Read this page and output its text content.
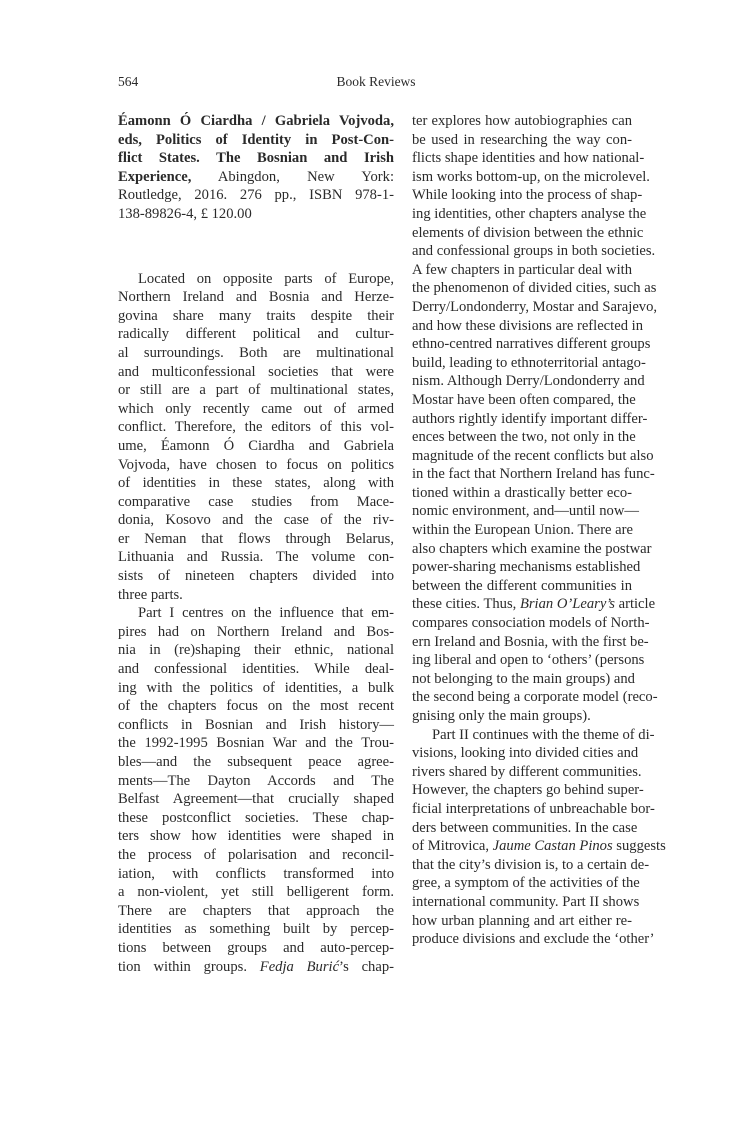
564	Book Reviews
Éamonn Ó Ciardha / Gabriela Vojvoda,
eds, Politics of Identity in Post-Con-
flict States. The Bosnian and Irish
Experience, Abingdon, New York:
Routledge, 2016. 276 pp., ISBN 978-1-
138-89826-4, £ 120.00
Located on opposite parts of Europe,
Northern Ireland and Bosnia and Herze-
govina share many traits despite their
radically different political and cultur-
al surroundings. Both are multinational
and multiconfessional societies that were
or still are a part of multinational states,
which only recently came out of armed
conflict. Therefore, the editors of this vol-
ume, Éamonn Ó Ciardha and Gabriela
Vojvoda, have chosen to focus on politics
of identities in these states, along with
comparative case studies from Mace-
donia, Kosovo and the case of the riv-
er Neman that flows through Belarus,
Lithuania and Russia. The volume con-
sists of nineteen chapters divided into
three parts.
Part I centres on the influence that em-
pires had on Northern Ireland and Bos-
nia in (re)shaping their ethnic, national
and confessional identities. While deal-
ing with the politics of identities, a bulk
of the chapters focus on the most recent
conflicts in Bosnian and Irish history—
the 1992-1995 Bosnian War and the Trou-
bles—and the subsequent peace agree-
ments—The Dayton Accords and The
Belfast Agreement—that crucially shaped
these postconflict societies. These chap-
ters show how identities were shaped in
the process of polarisation and reconcil-
iation, with conflicts transformed into
a non-violent, yet still belligerent form.
There are chapters that approach the
identities as something built by percep-
tions between groups and auto-percep-
tion within groups. Fedja Burić’s chap-
ter explores how autobiographies can
be used in researching the way con-
flicts shape identities and how national-
ism works bottom-up, on the microlevel.
While looking into the process of shap-
ing identities, other chapters analyse the
elements of division between the ethnic
and confessional groups in both societies.
A few chapters in particular deal with
the phenomenon of divided cities, such as
Derry/Londonderry, Mostar and Sarajevo,
and how these divisions are reflected in
ethno-centred narratives different groups
build, leading to ethnoterritorial antago-
nism. Although Derry/Londonderry and
Mostar have been often compared, the
authors rightly identify important differ-
ences between the two, not only in the
magnitude of the recent conflicts but also
in the fact that Northern Ireland has func-
tioned within a drastically better eco-
nomic environment, and—until now—
within the European Union. There are
also chapters which examine the postwar
power-sharing mechanisms established
between the different communities in
these cities. Thus, Brian O’Leary’s article
compares consociation models of North-
ern Ireland and Bosnia, with the first be-
ing liberal and open to ‘others’ (persons
not belonging to the main groups) and
the second being a corporate model (reco-
gnising only the main groups).
Part II continues with the theme of di-
visions, looking into divided cities and
rivers shared by different communities.
However, the chapters go behind super-
ficial interpretations of unbreachable bor-
ders between communities. In the case
of Mitrovica, Jaume Castan Pinos suggests
that the city’s division is, to a certain de-
gree, a symptom of the activities of the
international community. Part II shows
how urban planning and art either re-
produce divisions and exclude the ‘other’
